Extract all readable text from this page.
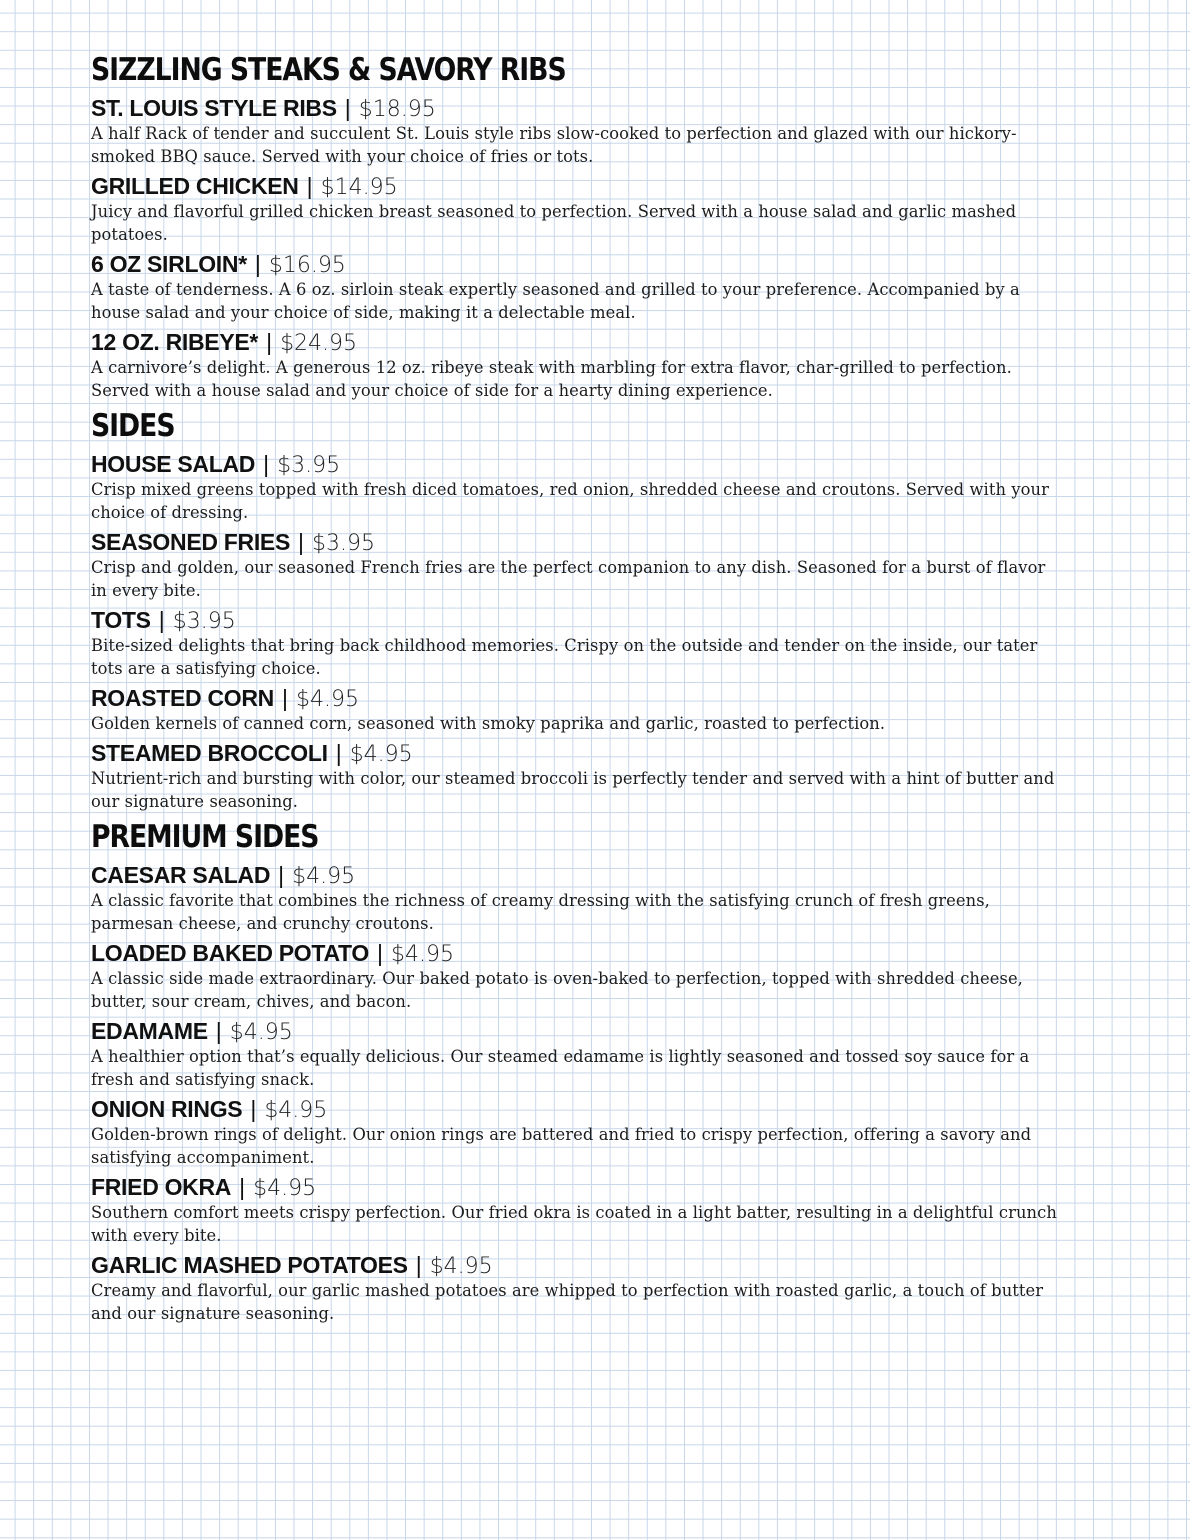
SIZZLING STEAKS & SAVORY RIBS
ST. LOUIS STYLE RIBS | $18.95

A half Rack of tender and succulent St. Louis style ribs slow-cooked to perfection and glazed with our hickory-smoked BBQ sauce. Served with your choice of fries or tots.

GRILLED CHICKEN | $14.95

Juicy and flavorful grilled chicken breast seasoned to perfection. Served with a house salad and garlic mashed potatoes.

6 OZ SIRLOIN* | $16.95

A taste of tenderness. A 6 oz. sirloin steak expertly seasoned and grilled to your preference. Accompanied by a house salad and your choice of side, making it a delectable meal.

12 OZ. RIBEYE* | $24.95

A carnivore’s delight. A generous 12 oz. ribeye steak with marbling for extra flavor, char-grilled to perfection. Served with a house salad and your choice of side for a hearty dining experience.

SIDES
HOUSE SALAD | $3.95

Crisp mixed greens topped with fresh diced tomatoes, red onion, shredded cheese and croutons. Served with your choice of dressing.

SEASONED FRIES | $3.95

Crisp and golden, our seasoned French fries are the perfect companion to any dish. Seasoned for a burst of flavor in every bite.

TOTS | $3.95

Bite-sized delights that bring back childhood memories. Crispy on the outside and tender on the inside, our tater tots are a satisfying choice.

ROASTED CORN | $4.95

Golden kernels of canned corn, seasoned with smoky paprika and garlic, roasted to perfection.

STEAMED BROCCOLI | $4.95

Nutrient-rich and bursting with color, our steamed broccoli is perfectly tender and served with a hint of butter and our signature seasoning.

PREMIUM SIDES
CAESAR SALAD | $4.95

A classic favorite that combines the richness of creamy dressing with the satisfying crunch of fresh greens, parmesan cheese, and crunchy croutons.

LOADED BAKED POTATO | $4.95

A classic side made extraordinary. Our baked potato is oven-baked to perfection, topped with shredded cheese, butter, sour cream, chives, and bacon.

EDAMAME | $4.95

A healthier option that’s equally delicious. Our steamed edamame is lightly seasoned and tossed soy sauce for a fresh and satisfying snack.

ONION RINGS | $4.95

Golden-brown rings of delight. Our onion rings are battered and fried to crispy perfection, offering a savory and satisfying accompaniment.

FRIED OKRA | $4.95

Southern comfort meets crispy perfection. Our fried okra is coated in a light batter, resulting in a delightful crunch with every bite.

GARLIC MASHED POTATOES | $4.95

Creamy and flavorful, our garlic mashed potatoes are whipped to perfection with roasted garlic, a touch of butter and our signature seasoning.
